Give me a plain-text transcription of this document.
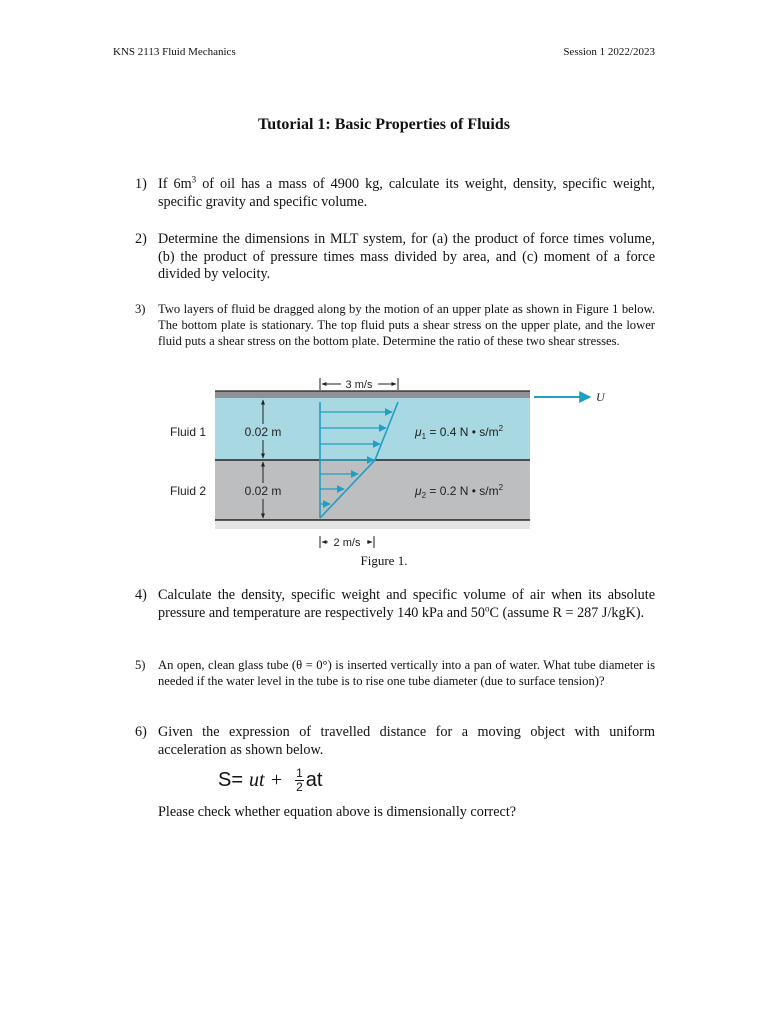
KNS 2113 Fluid Mechanics	Session 1 2022/2023
Tutorial 1: Basic Properties of Fluids
1) If $6m^3$ of oil has a mass of 4900 kg, calculate its weight, density, specific weight, specific gravity and specific volume.
2) Determine the dimensions in MLT system, for (a) the product of force times volume, (b) the product of pressure times mass divided by area, and (c) moment of a force divided by velocity.
3) Two layers of fluid be dragged along by the motion of an upper plate as shown in Figure 1 below. The bottom plate is stationary. The top fluid puts a shear stress on the upper plate, and the lower fluid puts a shear stress on the bottom plate. Determine the ratio of these two shear stresses.
3 m/s
U
0.02 m
0.02 m
Fluid 1
Fluid 2
$\mu_1 = 0.4$ N • $s/m^2$
$\mu_2 = 0.2$ N • $s/m^2$
2 m/s
Figure 1.
4) Calculate the density, specific weight and specific volume of air when its absolute pressure and temperature are respectively 140 kPa and 50$^o$C (assume R = 287 J/kgK).
5) An open, clean glass tube (θ = 0°) is inserted vertically into a pan of water. What tube diameter is needed if the water level in the tube is to rise one tube diameter (due to surface tension)?
6) Given the expression of travelled distance for a moving object with uniform acceleration as shown below.
S= ut + $\frac{1}{2}$ at
Please check whether equation above is dimensionally correct?
